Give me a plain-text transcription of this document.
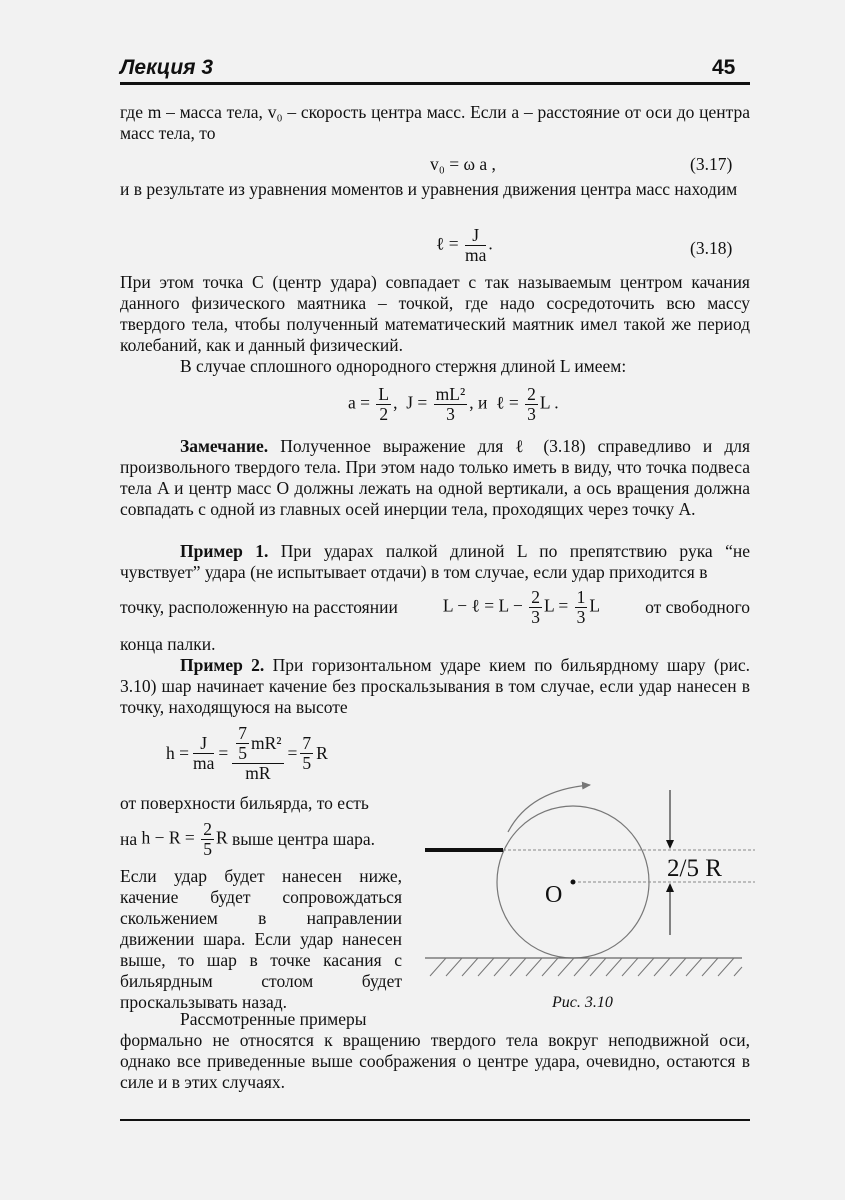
Лекция 3	45
где m – масса тела, v₀ – скорость центра масс. Если a – расстояние от оси до центра масс тела, то
v₀ = ω a ,	(3.17)
и в результате из уравнения моментов и уравнения движения центра масс находим
ℓ = $\frac{J}{ma}$ .	(3.18)
При этом точка C (центр удара) совпадает с так называемым центром качания данного физического маятника – точкой, где надо сосредоточить всю массу твердого тела, чтобы полученный математический маятник имел такой же период колебаний, как и данный физический.
В случае сплошного однородного стержня длиной L имеем:
$a = \frac{L}{2}$ , $J = \frac{\text{mL²}}{3}$ , и ℓ = $\frac{2}{3}$ L .
Замечание. Полученное выражение для ℓ (3.18) справедливо и для произвольного твердого тела. При этом надо только иметь в виду, что точка подвеса тела A и центр масс O должны лежать на одной вертикали, а ось вращения должна совпадать с одной из главных осей инерции тела, проходящих через точку A.
Пример 1. При ударах палкой длиной L по препятствию рука “не чувствует” удара (не испытывает отдачи) в том случае, если удар приходится в
точку, расположенную на расстоянии	L − ℓ = $L - \frac{2}{3}$ $L = \frac{1}{3}$ L	от свободного
конца палки.
Пример 2. При горизонтальном ударе кием по бильярдному шару (рис. 3.10) шар начинает качение без проскальзывания в том случае, если удар нанесен в точку, находящуюся на высоте
$h = \frac{J}{ma} = \frac{\frac{7}{5} mR^2}{mR} = \frac{7}{5}$ R
от поверхности бильярда, то есть
на
$h - R = \frac{2}{5}$ R
выше центра шара.
Если удар будет нанесен ниже, качение будет сопровождаться скольжением в направлении движении шара. Если удар нанесен выше, то шар в точке касания с бильярдным столом будет проскальзывать назад.
Рассмотренные примеры
формально не относятся к вращению твердого тела вокруг неподвижной оси, однако все приведенные выше соображения о центре удара, очевидно, остаются в силе и в этих случаях.
O
2/5 R
Рис. 3.10
